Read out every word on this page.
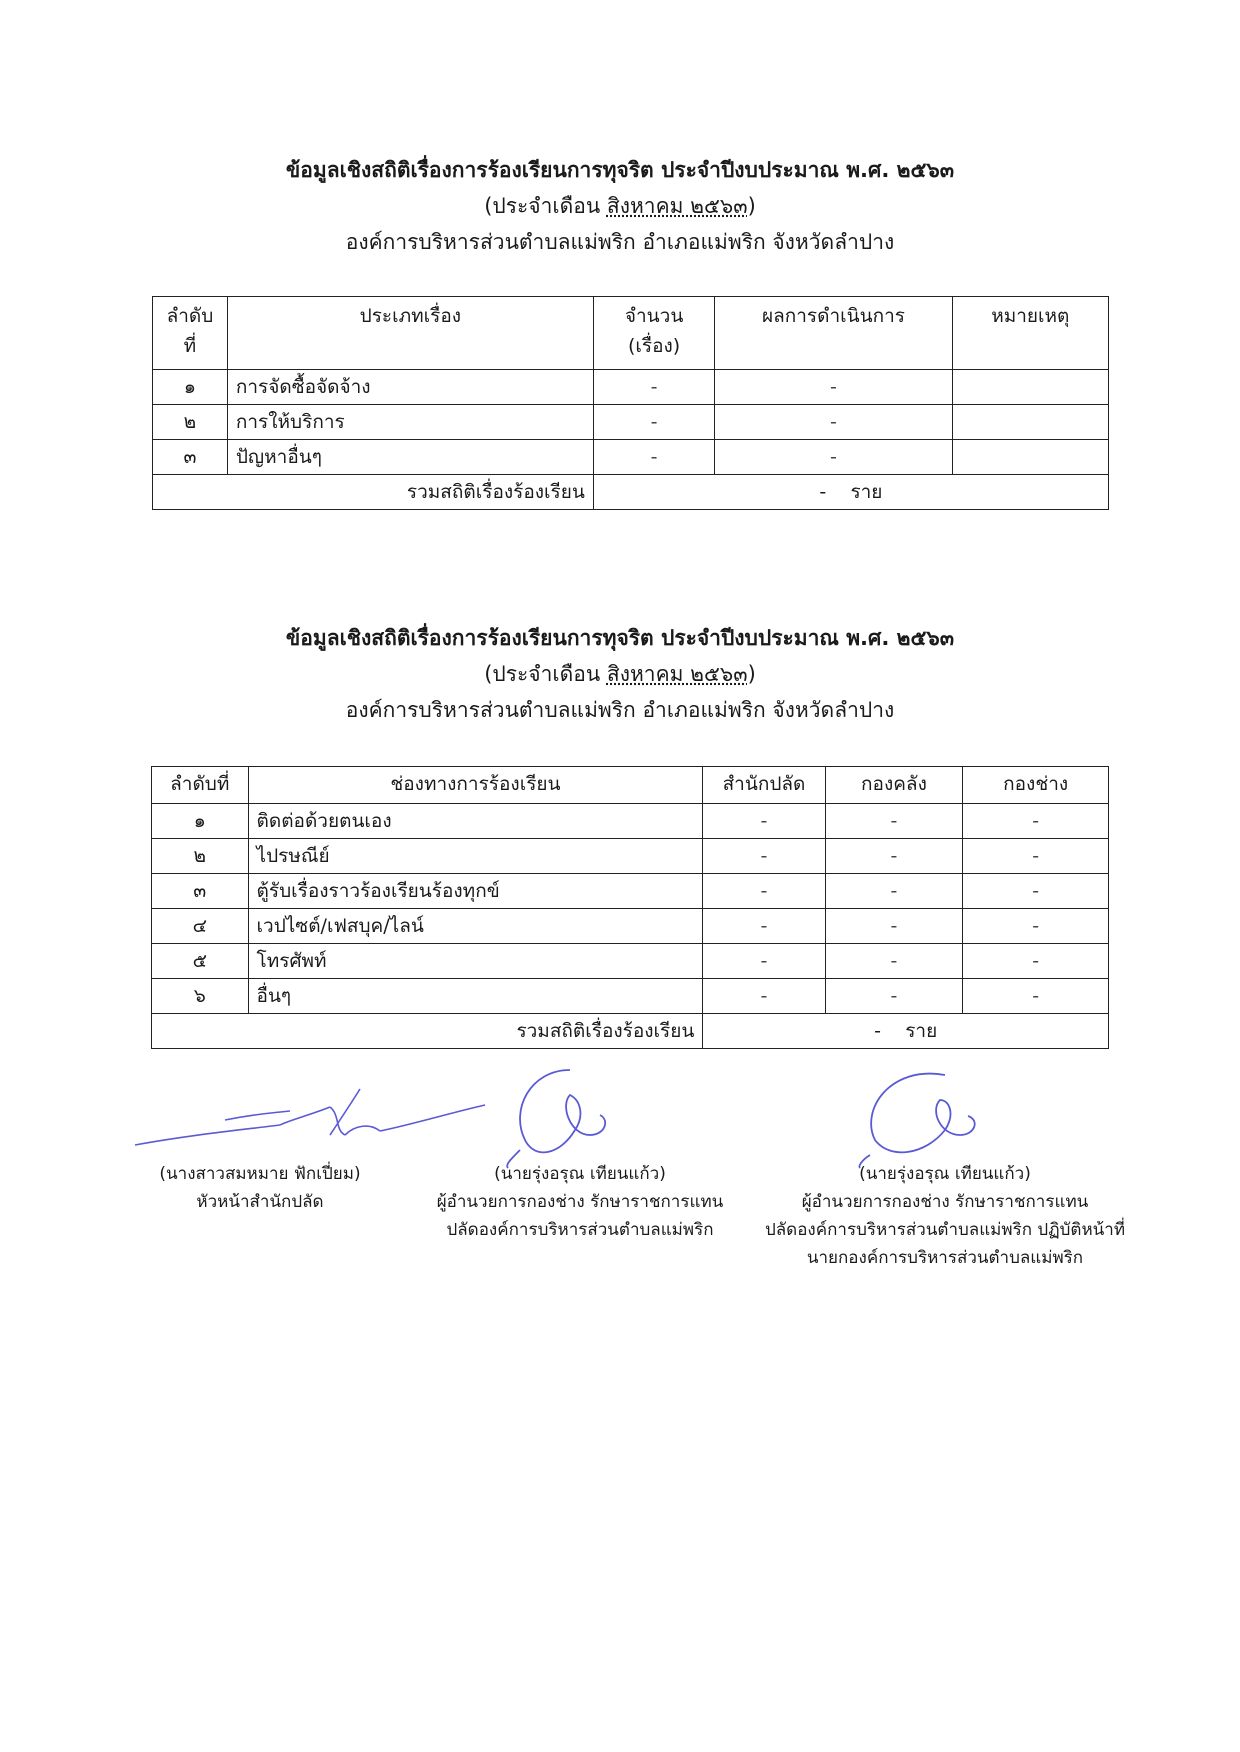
ข้อมูลเชิงสถิติเรื่องการร้องเรียนการทุจริต ประจำปีงบประมาณ พ.ศ. ๒๕๖๓
(ประจำเดือน สิงหาคม ๒๕๖๓)
องค์การบริหารส่วนตำบลแม่พริก อำเภอแม่พริก จังหวัดลำปาง
ลำดับที่	ประเภทเรื่อง	จำนวน (เรื่อง)	ผลการดำเนินการ	หมายเหตุ
๑	การจัดซื้อจัดจ้าง	-	-	
๒	การให้บริการ	-	-	
๓	ปัญหาอื่นๆ	-	-	
รวมสถิติเรื่องร้องเรียน		- ราย		
ข้อมูลเชิงสถิติเรื่องการร้องเรียนการทุจริต ประจำปีงบประมาณ พ.ศ. ๒๕๖๓
(ประจำเดือน สิงหาคม ๒๕๖๓)
องค์การบริหารส่วนตำบลแม่พริก อำเภอแม่พริก จังหวัดลำปาง
ลำดับที่	ช่องทางการร้องเรียน	สำนักปลัด	กองคลัง	กองช่าง
๑	ติดต่อด้วยตนเอง	-	-	-
๒	ไปรษณีย์	-	-	-
๓	ตู้รับเรื่องราวร้องเรียนร้องทุกข์	-	-	-
๔	เวปไซต์/เฟสบุค/ไลน์	-	-	-
๕	โทรศัพท์	-	-	-
๖	อื่นๆ	-	-	-
รวมสถิติเรื่องร้องเรียน		- ราย		
(นางสาวสมหมาย ฟักเปี่ยม)
หัวหน้าสำนักปลัด
(นายรุ่งอรุณ เทียนแก้ว)
ผู้อำนวยการกองช่าง รักษาราชการแทน
ปลัดองค์การบริหารส่วนตำบลแม่พริก
(นายรุ่งอรุณ เทียนแก้ว)
ผู้อำนวยการกองช่าง รักษาราชการแทน
ปลัดองค์การบริหารส่วนตำบลแม่พริก ปฏิบัติหน้าที่
นายกองค์การบริหารส่วนตำบลแม่พริก
